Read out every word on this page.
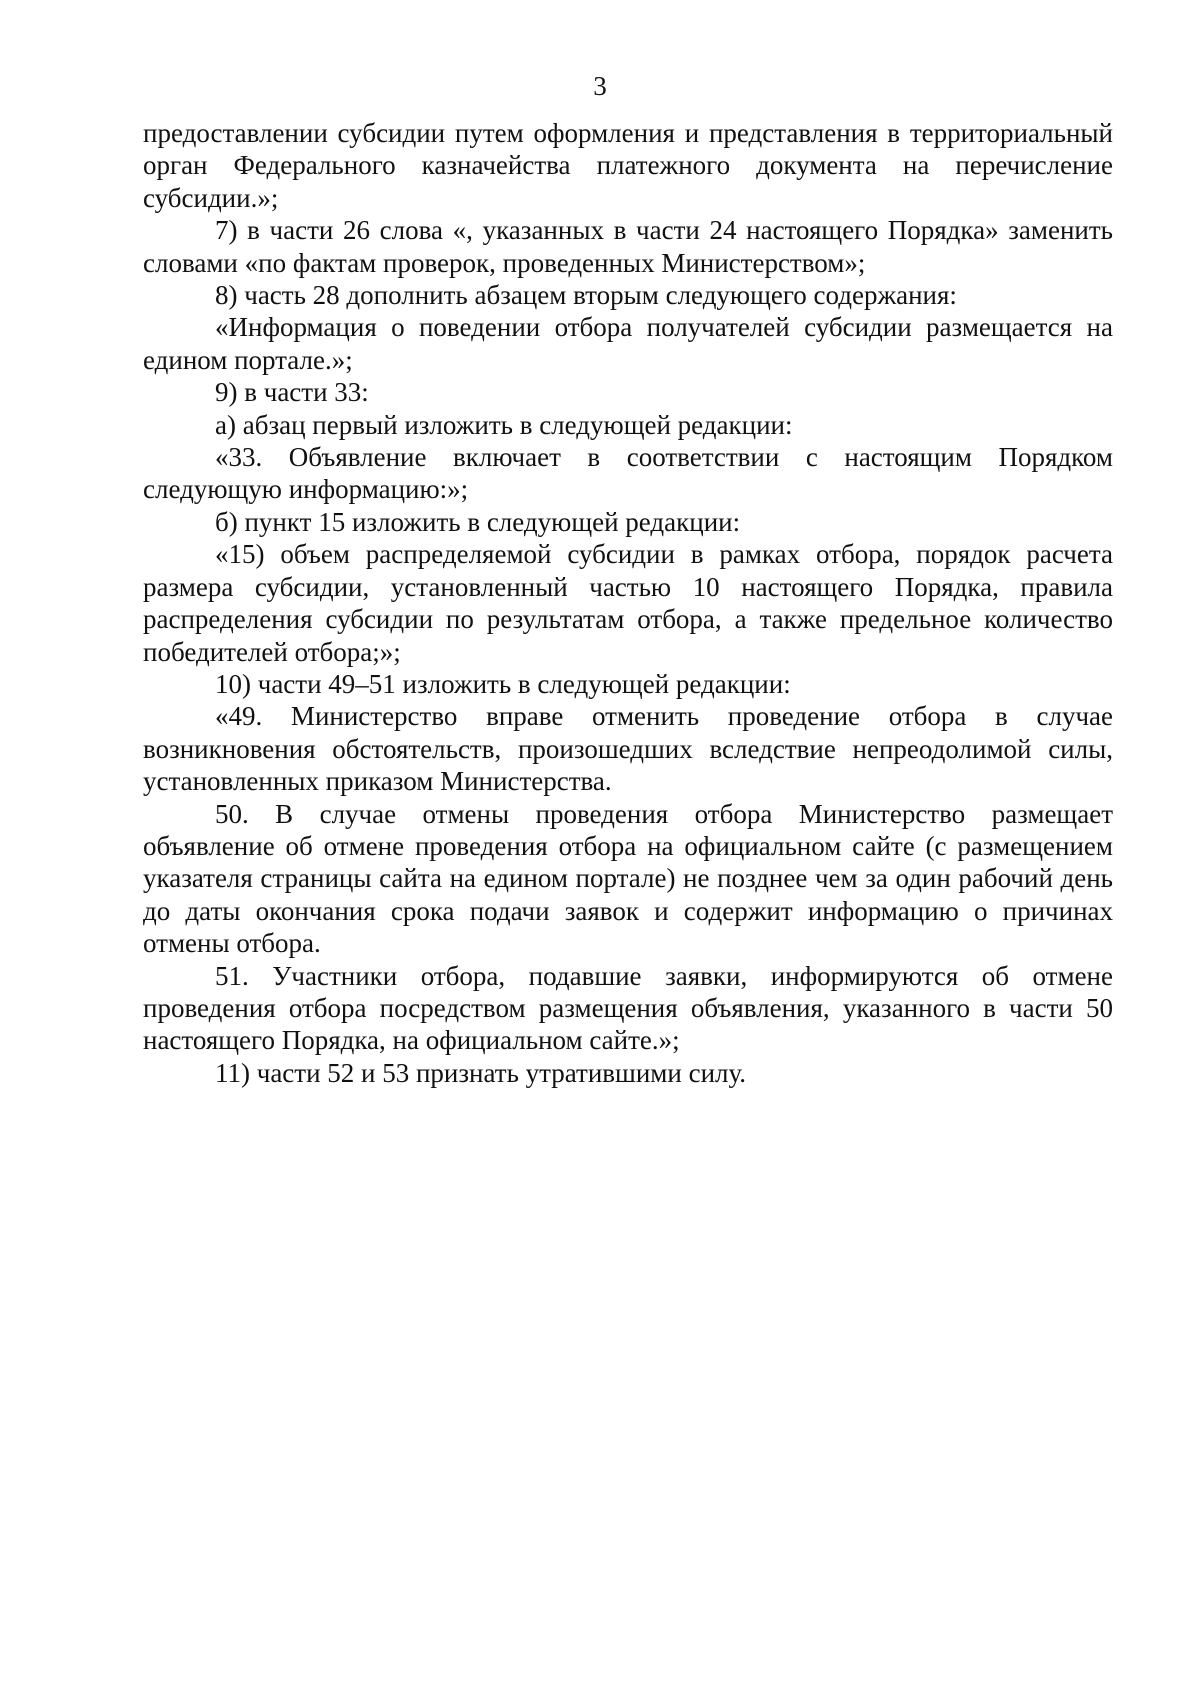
3

предоставлении субсидии путем оформления и представления в территориальный орган Федерального казначейства платежного документа на перечисление субсидии.»;

7) в части 26 слова «, указанных в части 24 настоящего Порядка» заменить словами «по фактам проверок, проведенных Министерством»;

8) часть 28 дополнить абзацем вторым следующего содержания:

«Информация о поведении отбора получателей субсидии размещается на едином портале.»;

9) в части 33:

а) абзац первый изложить в следующей редакции:

«33. Объявление включает в соответствии с настоящим Порядком следующую информацию:»;

б) пункт 15 изложить в следующей редакции:

«15) объем распределяемой субсидии в рамках отбора, порядок расчета размера субсидии, установленный частью 10 настоящего Порядка, правила распределения субсидии по результатам отбора, а также предельное количество победителей отбора;»;

10) части 49–51 изложить в следующей редакции:

«49. Министерство вправе отменить проведение отбора в случае возникновения обстоятельств, произошедших вследствие непреодолимой силы, установленных приказом Министерства.

50. В случае отмены проведения отбора Министерство размещает объявление об отмене проведения отбора на официальном сайте (с размещением указателя страницы сайта на едином портале) не позднее чем за один рабочий день до даты окончания срока подачи заявок и содержит информацию о причинах отмены отбора.

51. Участники отбора, подавшие заявки, информируются об отмене проведения отбора посредством размещения объявления, указанного в части 50 настоящего Порядка, на официальном сайте.»;

11) части 52 и 53 признать утратившими силу.
